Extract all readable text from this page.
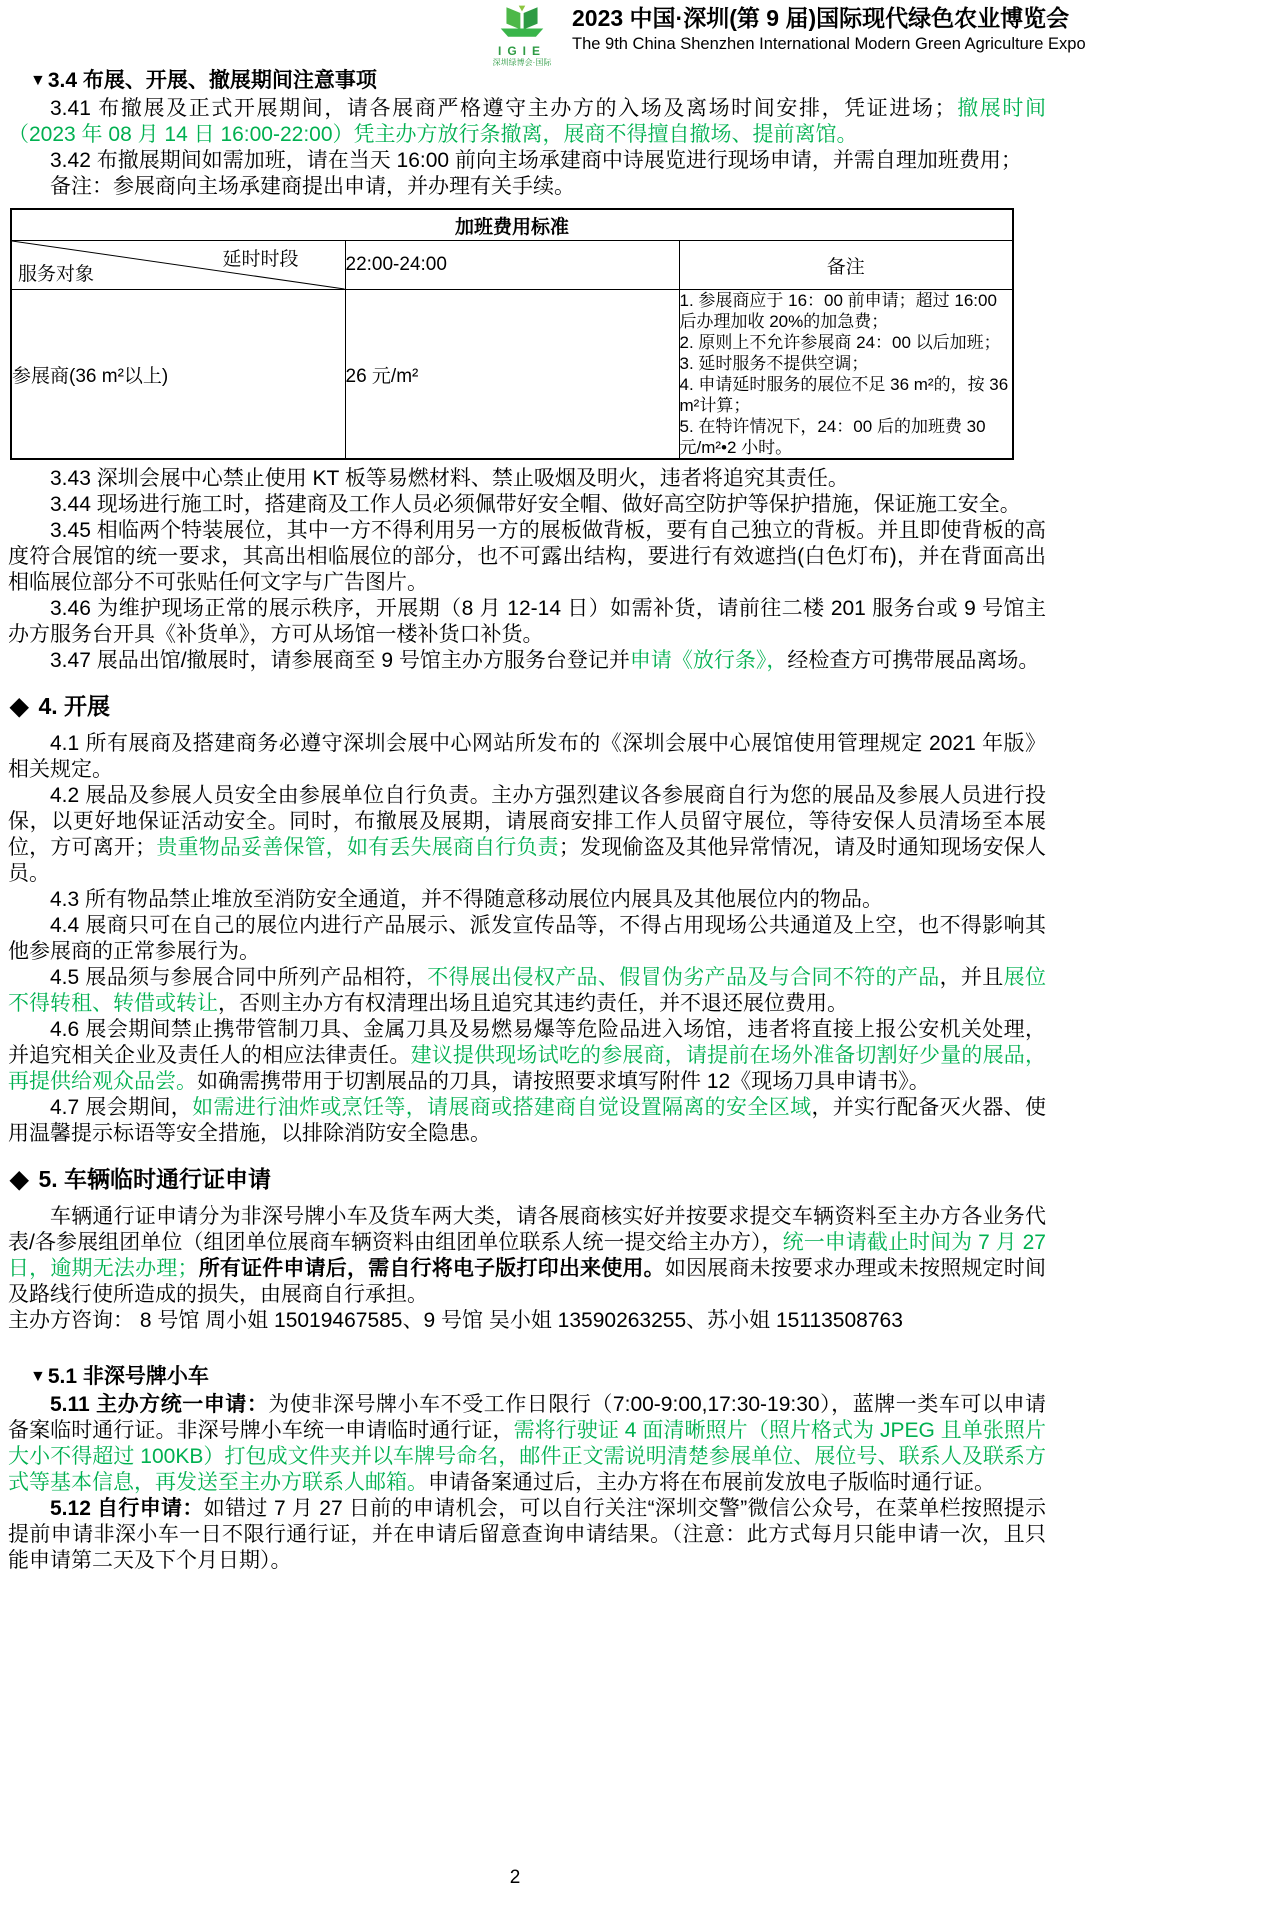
IGIE
深圳绿博会·国际
2023 中国·深圳(第 9 届)国际现代绿色农业博览会
The 9th China Shenzhen International Modern Green Agriculture Expo
▼3.4 布展、开展、撤展期间注意事项

3.41 布撤展及正式开展期间，请各展商严格遵守主办方的入场及离场时间安排，凭证进场；撤展时间（2023 年 08 月 14 日 16:00-22:00）凭主办方放行条撤离，展商不得擅自撤场、提前离馆。

3.42 布撤展期间如需加班，请在当天 16:00 前向主场承建商中诗展览进行现场申请，并需自理加班费用；

备注：参展商向主场承建商提出申请，并办理有关手续。

加班费用标准		

延时时段
服务对象	22:00-24:00	备注
参展商(36 m²以上)	26 元/m²	1. 参展商应于 16：00 前申请；超过 16:00 后办理加收 20%的加急费；
2. 原则上不允许参展商 24：00 以后加班；
3. 延时服务不提供空调；
4. 申请延时服务的展位不足 36 m²的，按 36 m²计算；
5. 在特许情况下，24：00 后的加班费 30 元/m²•2 小时。

3.43 深圳会展中心禁止使用 KT 板等易燃材料、禁止吸烟及明火，违者将追究其责任。

3.44 现场进行施工时，搭建商及工作人员必须佩带好安全帽、做好高空防护等保护措施，保证施工安全。

3.45 相临两个特装展位，其中一方不得利用另一方的展板做背板，要有自己独立的背板。并且即使背板的高度符合展馆的统一要求，其高出相临展位的部分，也不可露出结构，要进行有效遮挡(白色灯布)，并在背面高出相临展位部分不可张贴任何文字与广告图片。

3.46 为维护现场正常的展示秩序，开展期（8 月 12-14 日）如需补货，请前往二楼 201 服务台或 9 号馆主办方服务台开具《补货单》，方可从场馆一楼补货口补货。

3.47 展品出馆/撤展时，请参展商至 9 号馆主办方服务台登记并申请《放行条》，经检查方可携带展品离场。

◆ 4. 开展

4.1 所有展商及搭建商务必遵守深圳会展中心网站所发布的《深圳会展中心展馆使用管理规定 2021 年版》相关规定。

4.2 展品及参展人员安全由参展单位自行负责。主办方强烈建议各参展商自行为您的展品及参展人员进行投保，以更好地保证活动安全。同时，布撤展及展期，请展商安排工作人员留守展位，等待安保人员清场至本展位，方可离开；贵重物品妥善保管，如有丢失展商自行负责；发现偷盗及其他异常情况，请及时通知现场安保人员。

4.3 所有物品禁止堆放至消防安全通道，并不得随意移动展位内展具及其他展位内的物品。

4.4 展商只可在自己的展位内进行产品展示、派发宣传品等，不得占用现场公共通道及上空，也不得影响其他参展商的正常参展行为。

4.5 展品须与参展合同中所列产品相符，不得展出侵权产品、假冒伪劣产品及与合同不符的产品，并且展位不得转租、转借或转让，否则主办方有权清理出场且追究其违约责任，并不退还展位费用。

4.6 展会期间禁止携带管制刀具、金属刀具及易燃易爆等危险品进入场馆，违者将直接上报公安机关处理，并追究相关企业及责任人的相应法律责任。建议提供现场试吃的参展商，请提前在场外准备切割好少量的展品，再提供给观众品尝。如确需携带用于切割展品的刀具，请按照要求填写附件 12《现场刀具申请书》。

4.7 展会期间，如需进行油炸或烹饪等，请展商或搭建商自觉设置隔离的安全区域，并实行配备灭火器、使用温馨提示标语等安全措施，以排除消防安全隐患。

◆ 5. 车辆临时通行证申请

车辆通行证申请分为非深号牌小车及货车两大类，请各展商核实好并按要求提交车辆资料至主办方各业务代表/各参展组团单位（组团单位展商车辆资料由组团单位联系人统一提交给主办方），统一申请截止时间为 7 月 27 日，逾期无法办理；所有证件申请后，需自行将电子版打印出来使用。如因展商未按要求办理或未按照规定时间及路线行使所造成的损失，由展商自行承担。

主办方咨询： 8 号馆 周小姐 15019467585、9 号馆 吴小姐 13590263255、苏小姐 15113508763

▼5.1 非深号牌小车

5.11 主办方统一申请：为使非深号牌小车不受工作日限行（7:00-9:00,17:30-19:30），蓝牌一类车可以申请备案临时通行证。非深号牌小车统一申请临时通行证，需将行驶证 4 面清晰照片（照片格式为 JPEG 且单张照片大小不得超过 100KB）打包成文件夹并以车牌号命名，邮件正文需说明清楚参展单位、展位号、联系人及联系方式等基本信息，再发送至主办方联系人邮箱。申请备案通过后，主办方将在布展前发放电子版临时通行证。

5.12 自行申请：如错过 7 月 27 日前的申请机会，可以自行关注“深圳交警”微信公众号，在菜单栏按照提示提前申请非深小车一日不限行通行证，并在申请后留意查询申请结果。（注意：此方式每月只能申请一次，且只能申请第二天及下个月日期）。

2
